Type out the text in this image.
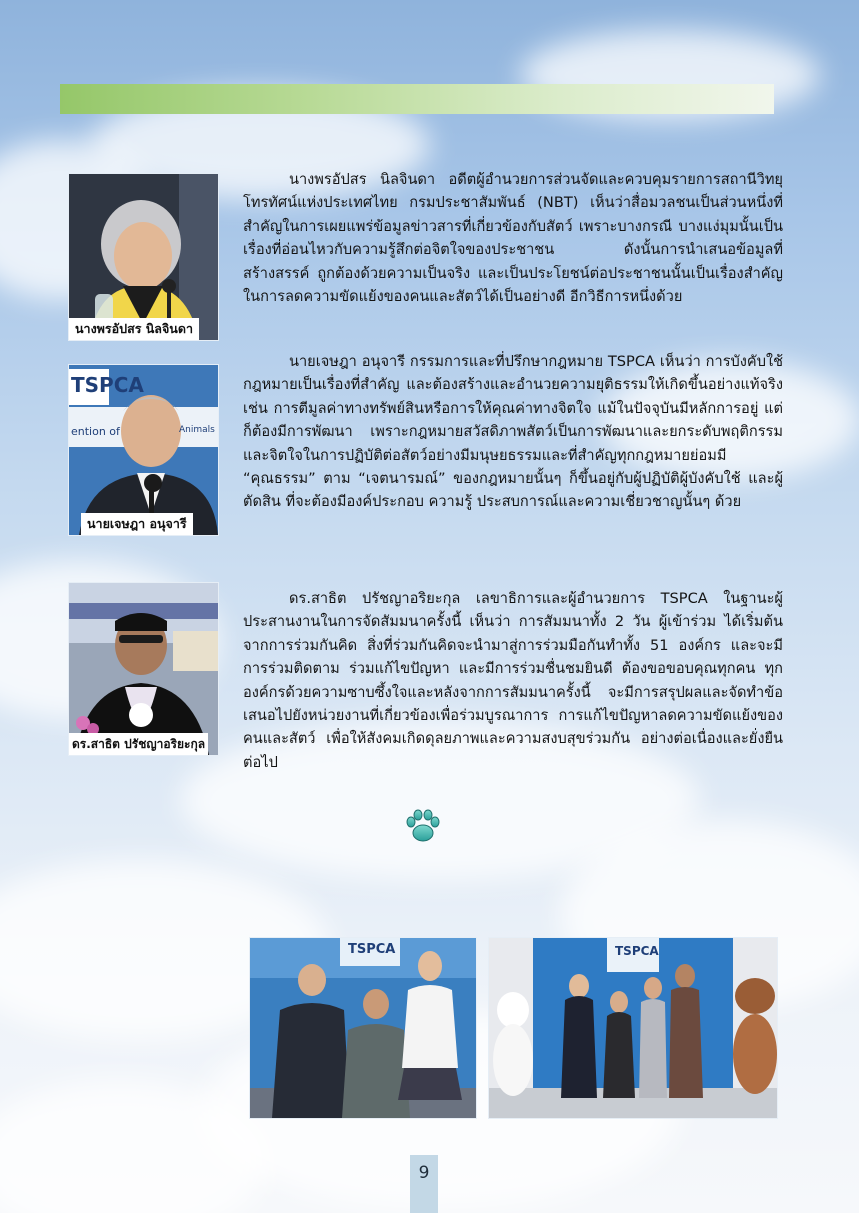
นางพรอัปสร นิลจินดา
TSPCA
ention of	Animals
นายเจษฎา อนุจารี
ดร.สาธิต ปรัชญาอริยะกุล

นางพรอัปสร นิลจินดา อดีตผู้อำนวยการส่วนจัดและควบคุมรายการสถานีวิทยุโทรทัศน์แห่งประเทศไทย กรมประชาสัมพันธ์ (NBT) เห็นว่าสื่อมวลชนเป็นส่วนหนึ่งที่สำคัญในการเผยแพร่ข้อมูลข่าวสารที่เกี่ยวข้องกับสัตว์ เพราะบางกรณี บางแง่มุมนั้นเป็นเรื่องที่อ่อนไหวกับความรู้สึกต่อจิตใจของประชาชน ดังนั้นการนำเสนอข้อมูลที่สร้างสรรค์ ถูกต้องด้วยความเป็นจริง และเป็นประโยชน์ต่อประชาชนนั้นเป็นเรื่องสำคัญในการลดความขัดแย้งของคนและสัตว์ได้เป็นอย่างดี อีกวิธีการหนึ่งด้วย

นายเจษฎา อนุจารี กรรมการและที่ปรึกษากฎหมาย TSPCA เห็นว่า การบังคับใช้กฎหมายเป็นเรื่องที่สำคัญ และต้องสร้างและอำนวยความยุติธรรมให้เกิดขึ้นอย่างแท้จริง เช่น การตีมูลค่าทางทรัพย์สินหรือการให้คุณค่าทางจิตใจ แม้ในปัจจุบันมีหลักการอยู่ แต่ก็ต้องมีการพัฒนา เพราะกฎหมายสวัสดิภาพสัตว์เป็นการพัฒนาและยกระดับพฤติกรรมและจิตใจในการปฏิบัติต่อสัตว์อย่างมีมนุษยธรรมและที่สำคัญทุกกฎหมายย่อมมี “คุณธรรม” ตาม “เจตนารมณ์” ของกฎหมายนั้นๆ ก็ขึ้นอยู่กับผู้ปฏิบัติผู้บังคับใช้ และผู้ตัดสิน ที่จะต้องมีองค์ประกอบ ความรู้ ประสบการณ์และความเชี่ยวชาญนั้นๆ ด้วย

ดร.สาธิต ปรัชญาอริยะกุล เลขาธิการและผู้อำนวยการ TSPCA ในฐานะผู้ประสานงานในการจัดสัมมนาครั้งนี้ เห็นว่า การสัมมนาทั้ง 2 วัน ผู้เข้าร่วม ได้เริ่มต้นจากการร่วมกันคิด สิ่งที่ร่วมกันคิดจะนำมาสู่การร่วมมือกันทำทั้ง 51 องค์กร และจะมีการร่วมติดตาม ร่วมแก้ไขปัญหา และมีการร่วมชื่นชมยินดี ต้องขอขอบคุณทุกคน ทุกองค์กรด้วยความซาบซึ้งใจและหลังจากการสัมมนาครั้งนี้ จะมีการสรุปผลและจัดทำข้อเสนอไปยังหน่วยงานที่เกี่ยวข้องเพื่อร่วมบูรณาการ การแก้ไขปัญหาลดความขัดแย้งของคนและสัตว์ เพื่อให้สังคมเกิดดุลยภาพและความสงบสุขร่วมกัน อย่างต่อเนื่องและยั่งยืนต่อไป

TSPCA	TSPCA
9
